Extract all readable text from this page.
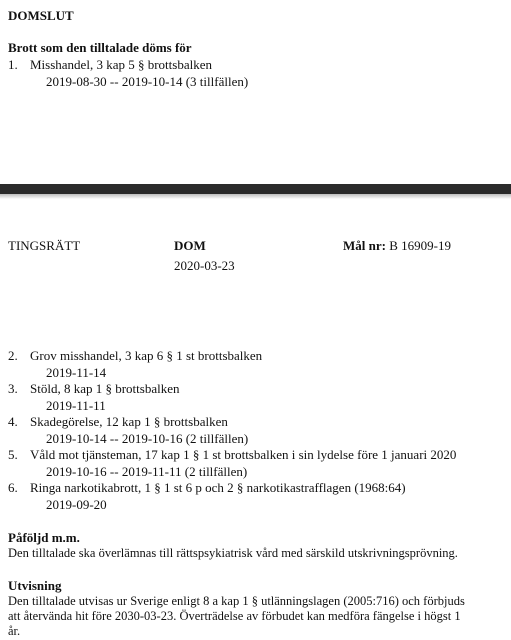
DOMSLUT
Brott som den tilltalade döms för
1. Misshandel, 3 kap 5 § brottsbalken
2019-08-30 -- 2019-10-14 (3 tillfällen)
TINGSRÄTT	DOM
2020-03-23
Mål nr: B 16909-19
2. Grov misshandel, 3 kap 6 § 1 st brottsbalken
2019-11-14
3. Stöld, 8 kap 1 § brottsbalken
2019-11-11
4. Skadegörelse, 12 kap 1 § brottsbalken
2019-10-14 -- 2019-10-16 (2 tillfällen)
5. Våld mot tjänsteman, 17 kap 1 § 1 st brottsbalken i sin lydelse före 1 januari 2020
2019-10-16 -- 2019-11-11 (2 tillfällen)
6. Ringa narkotikabrott, 1 § 1 st 6 p och 2 § narkotikastrafflagen (1968:64)
2019-09-20
Påföljd m.m.
Den tilltalade ska överlämnas till rättspsykiatrisk vård med särskild utskrivningsprövning.
Utvisning
Den tilltalade utvisas ur Sverige enligt 8 a kap 1 § utlänningslagen (2005:716) och förbjuds
att återvända hit före 2030-03-23. Överträdelse av förbudet kan medföra fängelse i högst 1
år.
